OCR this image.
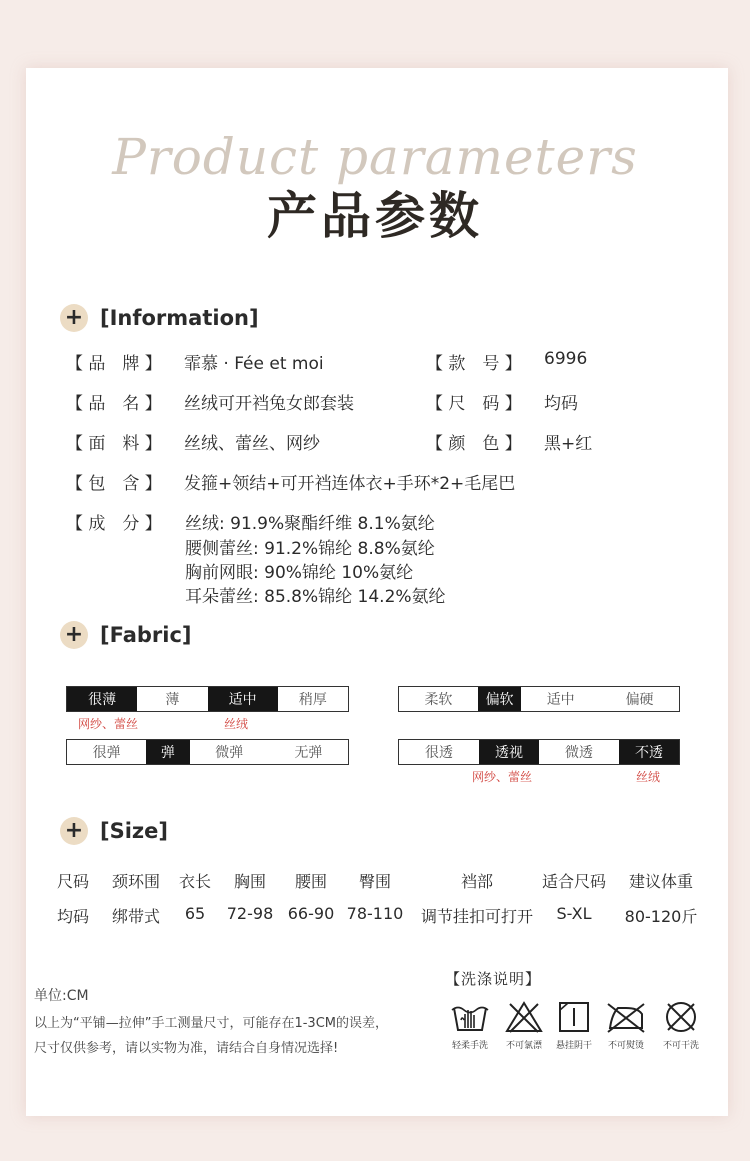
Product parameters
产品参数
+ [Information]
【 品　牌 】	霏慕 · Fée et moi	【 款　号 】	6996
【 品　名 】	丝绒可开裆兔女郎套装	【 尺　码 】	均码
【 面　料 】	丝绒、蕾丝、网纱	【 颜　色 】	黑+红
【 包　含 】	发箍+领结+可开裆连体衣+手环*2+毛尾巴
【 成　分 】	丝绒: 91.9%聚酯纤维 8.1%氨纶
腰侧蕾丝: 91.2%锦纶 8.8%氨纶
胸前网眼: 90%锦纶 10%氨纶
耳朵蕾丝: 85.8%锦纶 14.2%氨纶
+ [Fabric]
很薄	薄	适中	稍厚
网纱、蕾丝	丝绒
柔软	偏软	适中	偏硬
很弹	弹	微弹	无弹	很透	透视	微透	不透
网纱、蕾丝	丝绒
+ [Size]
尺码 颈环围 衣长 胸围 腰围 臀围	裆部	适合尺码 建议体重
均码 绑带式 65 72-98 66-90 78-110 调节挂扣可打开 S-XL 80-120斤
单位:CM
以上为“平铺—拉伸”手工测量尺寸，可能存在1-3CM的误差，
尺寸仅供参考，请以实物为准，请结合自身情况选择!
【洗涤说明】
轻柔手洗	不可氯漂	悬挂阴干	不可熨烫	不可干洗
